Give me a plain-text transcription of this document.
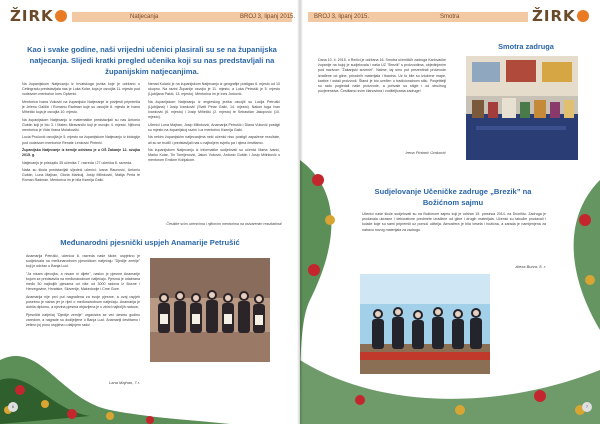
ŽIRK	Natjecanja	BROJ 3, lipanj 2015.
Kao i svake godine, naši vrijedni učenici plasirali su se na županijska natjecanja. Slijedi kratki pregled učenika koji su nas predstavljali na županijskim natjecanjima.

Na županijskom Natjecanju iz hrvatskoga jezika koje je održano u Cetingradu predstavljala nas je Luka Kolar, koja je osvojila 11. mjesto pod vodstvom mentorice Ines Opšenić.

Mentorica Ivana Vuković na županijsko Natjecanje iz povijesti pripremila je Jelenu Galičić i Romanu Radman koje su osvojile 8. mjesto te Ivanu Mihelčić koja je osvojila 10. mjesto.

Na županijskom Natjecanju iz matematike predstavljali su nas Antonio Guštin koji je bio 3. i Mateo Miravančić koji je osvojio 4. mjesto. Njihova mentorica je Vida Vrana Molakovčić.

Lucia Pročović osvojila je 5. mjesto na županijskom Natjecanju iz biologije pod vodstvom mentorice Renate Lenković Pinterić.

Županijsko Natjecanje iz kemije održano je u OŠ Žakanje 12. ožujka 2015. g.

Natjecanju je pristupilo 35 učenika 7. razreda i 27 učenika 8. razreda.

Naša su škola predstavljali sljedeći učenici: Ivana Raunović, Antonio Guštin, Luna Majhan, Gloria Markulj, Josip Milinković, Matija Perla te Roman Radman. Mentorica im je bila Ksenija Galić.

Nenad Kolarić je na županijskom Natjecanju iz geografije postigao 6. mjesto od 10 ukupno. Na razini Županije osvojio je 11. mjesto, a Luka Petrušić je 5. mjesto (Ljubljana Pakić, 13. mjesto). Mentorica im je Ines Jurković.

Na županijskom Natjecanju iz engleskog jezika osvojili su Lucija Petrušić (Ljubljana) i Josip Ivanković (Sveti Petar Galić, 14. mjesto). Nakon toga Ivan Ivanković (6. mjesto) i Josip Mihelčić (2. mjesto) te Sebastian Jakopović (10. mjesto).

Učenici Luna Majhan, Josip Milinković, Anamarija Petrušić i Diana Vuković postigli su mjesto na županijskoj razini i uz mentoricu Ksenija Galić.

Na nekim županijskim natjecanjima neki učenici nisu postigli zapažene rezultate, ali su se trudili i predstavljali nas u najboljem svjetlu pa i njima čestitamo.

Na županijskom Natjecanju iz informatike sudjelovali su učenici Marta Ivanić, Marko Kolar, Tin Tomljenović, Jakov Vuković, Antonio Guštin i Josip Milinković s mentorom Emilom Kobjakom.

Čestitke svim učenicima i njihovim mentorima na ostvarenim rezultatima!
Međunarodni pjesnički uspjeh Anamarije Petrušić

Anamarija Petrušić, učenica 8. razreda naše škole, uspješno je sudjelovala na međunarodnom pjesničkom natječaju "Djedije zemlje" koji je održan u Banja Luci.

"Ja nisam djevojka, a nisam ni dijete", naslov je pjesme Anamarije kojom se predstavila na međunarodnom natječaju. Pjesma je odabrana među 50 najboljih pjesama od više od 3000 radova iz Bosne i Hercegovine, Hrvatske, Slovenije, Makedonije i Crne Gore.

Anamarija nije prvi put nagrađena za svoje pjesme, a ovaj uspjeh posebno je važan jer je riječ o međunarodnom natječaju. Anamarija je dobila diplomu, a njezina pjesma objavljena je u zbirci najboljih radova.

Pjesnički natječaj "Djedije zemlje" organizira se već desetu godinu zaredom, a nagrade su dodijeljene u Banja Luci. Anamariji čestitamo i želimo joj puno uspjeha u daljnjem radu!

Lana Majhan, 7.r.
6
BROJ 3, lipanj 2015.	Smotra	ŽIRK
Smotra zadruga

Dana 10. 4. 2015. u Rečici je održana 16. Smotra učeničkih zadruga Karlovačke županije na kojoj je sudjelovala i naša UZ "Brezik" s proizvodima, objedinjenim pod nazivom "Žakanjski suveniri". Naime, taj smo put prezentirali proizvode izrađene od gline, prirodnih materijala i tkanina. Uz to bile su izložene mape, kartice i ostali proizvodi. Štand je bio uređen u tradicionalnom stilu. Posjetitelji su rado pogledali naše proizvode, a pohvale su stigle i od stručnog povjerenstva. Čestitamo svim članovima i voditeljicama zadruge!

Irena Pintarić Oraković
Sudjelovanje Učeničke zadruge „Brezik” na Božićnom sajmu

Učenici naše škole sudjelovali su na Božićnom sajmu koji je održan 19. prosinca 2014. na Dvorištu. Zadruga je prodavala ukrasne i dekorativne predmete izrađene od gline i drugih materijala. Učenici su također prodavali i kolače koje su sami pripremili uz pomoć učitelja. Atmosfera je bila vesela i božićna, a zarada je namijenjena za nabavu novog materijala za zadrugu.

Alexa Burza, 8. r.
7
